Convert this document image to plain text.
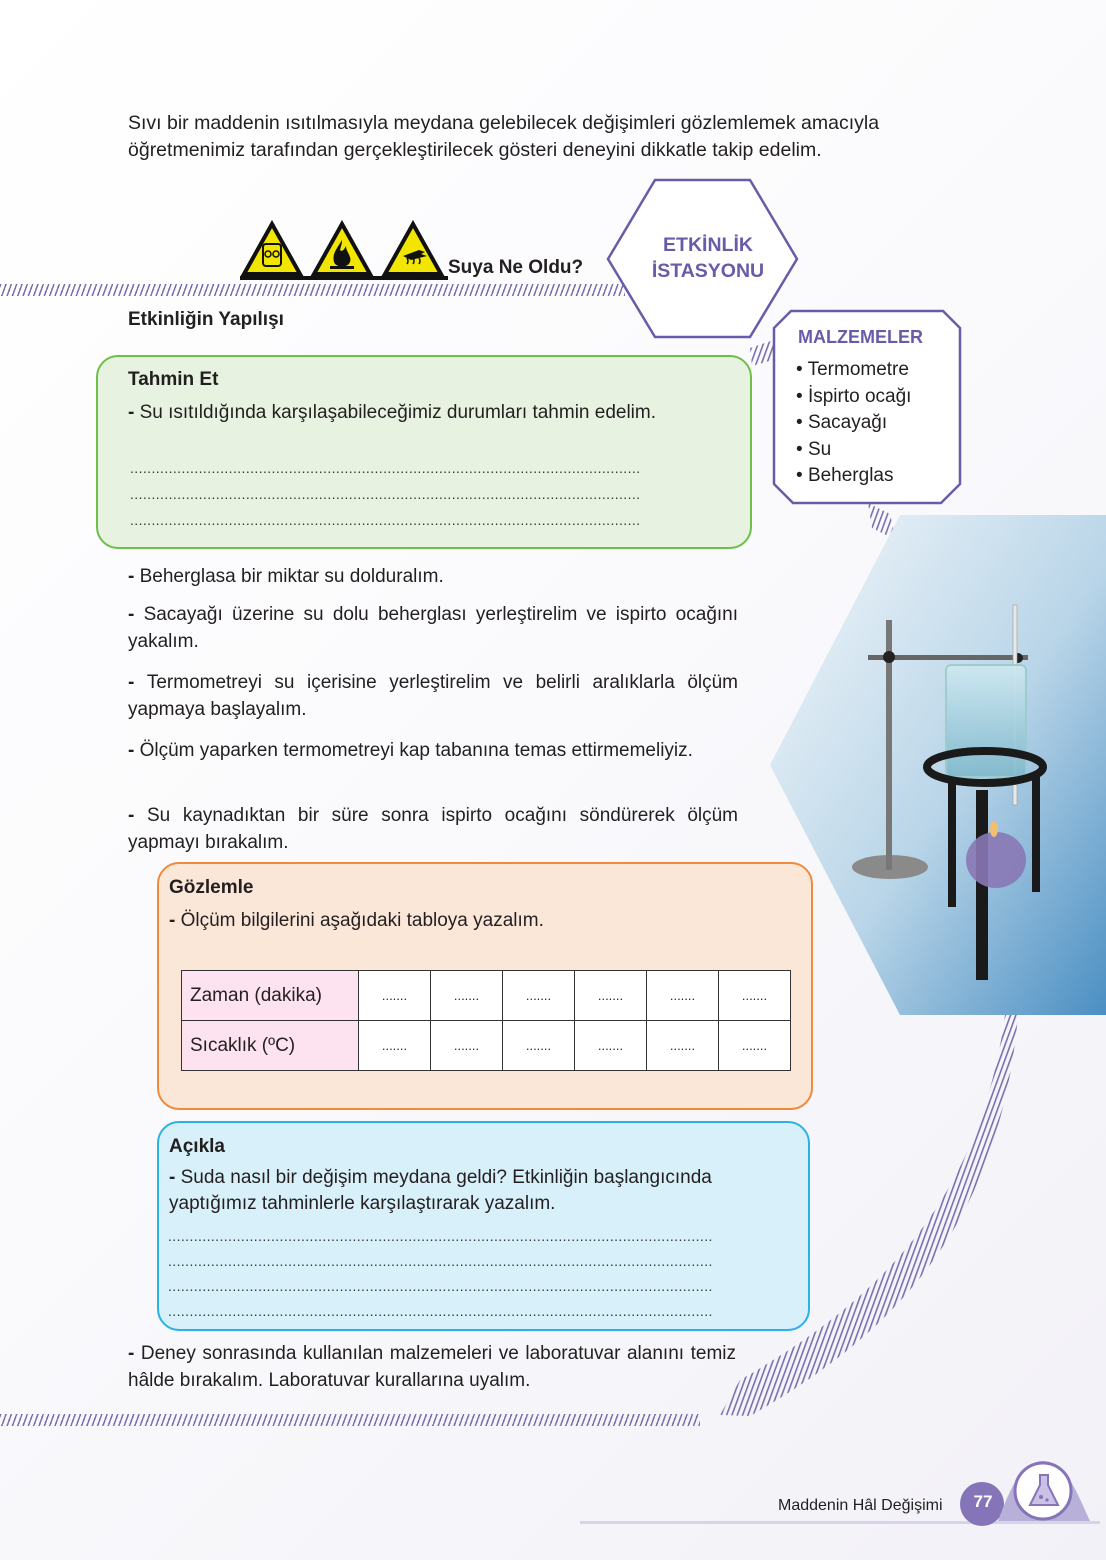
Sıvı bir maddenin ısıtılmasıyla meydana gelebilecek değişimleri gözlemlemek amacıyla öğretmenimiz tarafından gerçekleştirilecek gösteri deneyini dikkatle takip edelim.

Suya Ne Oldu?
ETKİNLİK
İSTASYONU
Etkinliğin Yapılışı
MALZEMELER
• Termometre
• İspirto ocağı
• Sacayağı
• Su
• Beherglas
Tahmin Et

- Su ısıtıldığında karşılaşabileceğimiz durumları tahmin edelim.

.......................................................................................................................
.......................................................................................................................
.......................................................................................................................

- Beherglasa bir miktar su dolduralım.

- Sacayağı üzerine su dolu beherglası yerleştirelim ve ispirto ocağını yakalım.

- Termometreyi su içerisine yerleştirelim ve belirli aralıklarla ölçüm yapmaya başlayalım.

- Ölçüm yaparken termometreyi kap tabanına temas ettirmemeliyiz.

- Su kaynadıktan bir süre sonra ispirto ocağını söndürerek ölçüm yapmayı bırakalım.

Gözlemle

- Ölçüm bilgilerini aşağıdaki tabloya yazalım.

Zaman (dakika)	.......	.......	.......	.......	.......	.......
Sıcaklık (ºC)	.......	.......	.......	.......	.......	.......
Açıkla

- Suda nasıl bir değişim meydana geldi? Etkinliğin başlangıcında yaptığımız tahminlerle karşılaştırarak yazalım.

...............................................................................................................................
...............................................................................................................................
...............................................................................................................................
...............................................................................................................................

- Deney sonrasında kullanılan malzemeleri ve laboratuvar alanını temiz hâlde bırakalım. Laboratuvar kurallarına uyalım.

Maddenin Hâl Değişimi 77
